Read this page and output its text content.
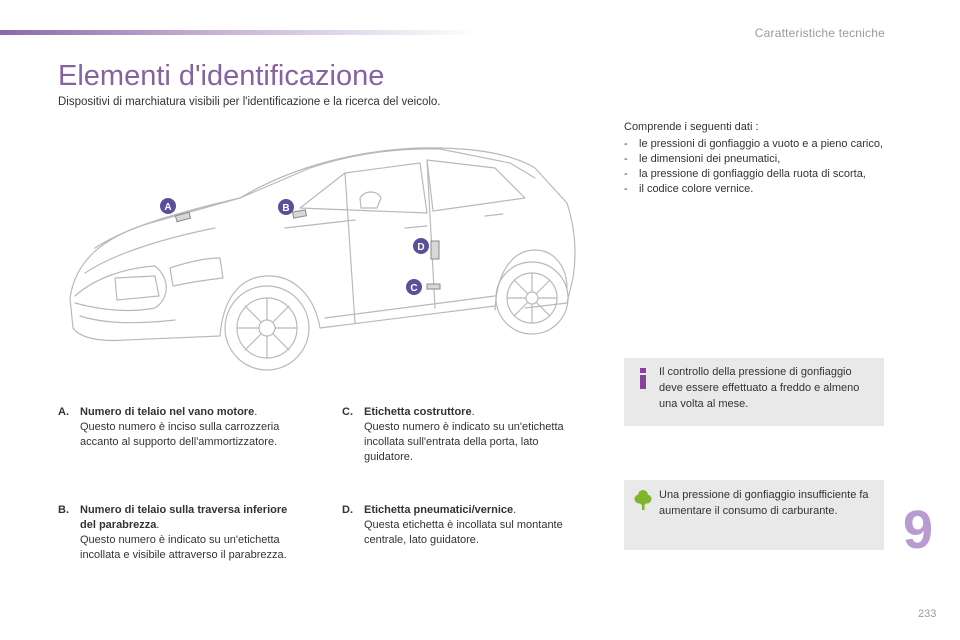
Caratteristiche tecniche
Elementi d'identificazione
Dispositivi di marchiatura visibili per l'identificazione e la ricerca del veicolo.
A	B
C
D
A.	Numero di telaio nel vano motore.
Questo numero è inciso sulla carrozzeria accanto al supporto dell'ammortizzatore.
B.	Numero di telaio sulla traversa inferiore del parabrezza.
Questo numero è indicato su un'etichetta incollata e visibile attraverso il parabrezza.
C.	Etichetta costruttore.
Questo numero è indicato su un'etichetta incollata sull'entrata della porta, lato guidatore.
D.	Etichetta pneumatici/vernice.
Questa etichetta è incollata sul montante centrale, lato guidatore.
Comprende i seguenti dati :
-	le pressioni di gonfiaggio a vuoto e a pieno carico,
-	le dimensioni dei pneumatici,
-	la pressione di gonfiaggio della ruota di scorta,
-	il codice colore vernice.
Il controllo della pressione di gonfiaggio deve essere effettuato a freddo e almeno una volta al mese.
Una pressione di gonfiaggio insufficiente fa aumentare il consumo di carburante.	9
233
